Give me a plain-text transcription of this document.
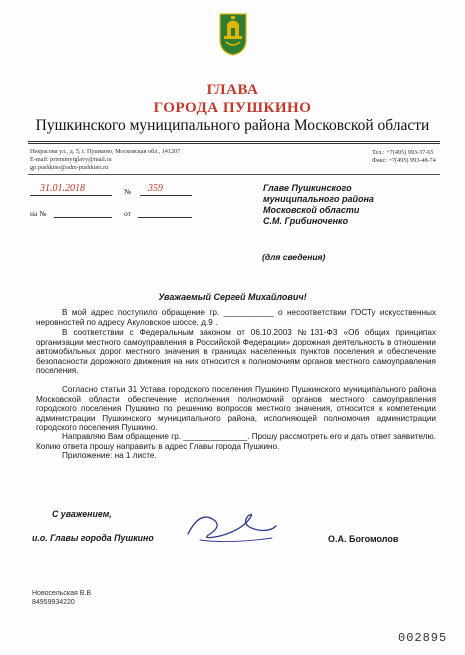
ГЛАВА
ГОРОДА ПУШКИНО
Пушкинского муниципального района Московской области
Некрасова ул., д. 5, г. Пушкино, Московская обл., 141207
E-mail: priemmyrglavy@mail.ru
gp.pushkino@adm-pushkino.ru
Тел.: +7(495) 993-37-65
Факс: +7(495) 993-48-74
31.01.2018	№ 359
на №	от
Главе Пушкинского
муниципального района
Московской области
С.М. Грибиноченко
(для сведения)
Уважаемый Сергей Михайлович!

В мой адрес поступило обращение гр. ___________ о несоответствии ГОСТу искусственных неровностей по адресу Акуловское шоссе, д.9 .

В соответствии с Федеральным законом от 06.10.2003 №131-ФЗ «Об общих принципах организации местного самоуправления в Российской Федерации» дорожная деятельность в отношении автомобильных дорог местного значения в границах населенных пунктов поселения и обеспечение безопасности дорожного движения на них относится к полномочиям органов местного самоуправления поселения.

Согласно статьи 31 Устава городского поселения Пушкино Пушкинского муниципального района Московской области обеспечение исполнения полномочий органов местного самоуправления городского поселения Пушкино по решению вопросов местного значения, относится к компетенции администрации Пушкинского муниципального района, исполняющей полномочия администрации городского поселения Пушкино.

Направляю Вам обращение гр. ______________. Прошу рассмотреть его и дать ответ заявителю. Копию ответа прошу направить в адрес Главы города Пушкино.

Приложение: на 1 листе.

С уважением,
и.о. Главы города Пушкино	О.А. Богомолов
Новосельская В.В
84959934220
002895
